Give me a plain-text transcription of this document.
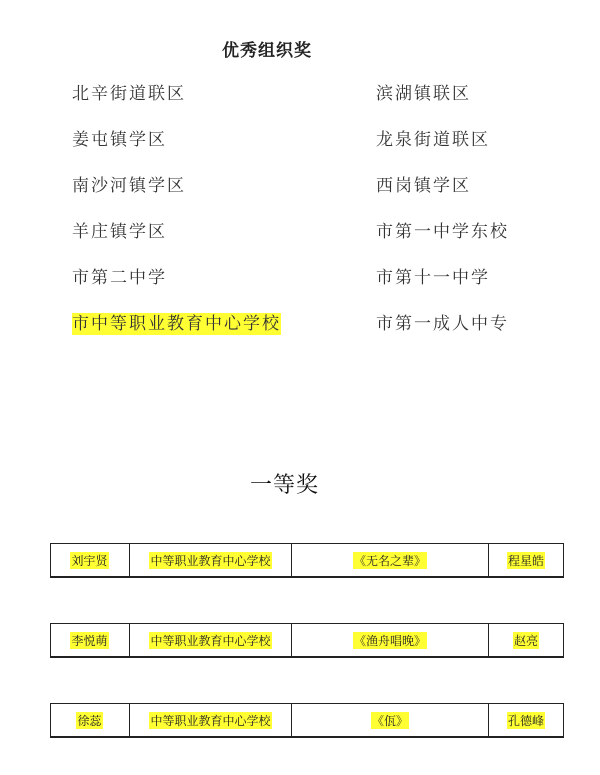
优秀组织奖
北辛街道联区
姜屯镇学区
南沙河镇学区
羊庄镇学区
市第二中学
市中等职业教育中心学校
滨湖镇联区
龙泉街道联区
西岗镇学区
市第一中学东校
市第十一中学
市第一成人中专
一等奖
刘宇贤	中等职业教育中心学校	《无名之辈》	程星皓
李悦萌	中等职业教育中心学校	《渔舟唱晚》	赵亮
徐蕊	中等职业教育中心学校	《佤》	孔德峰
